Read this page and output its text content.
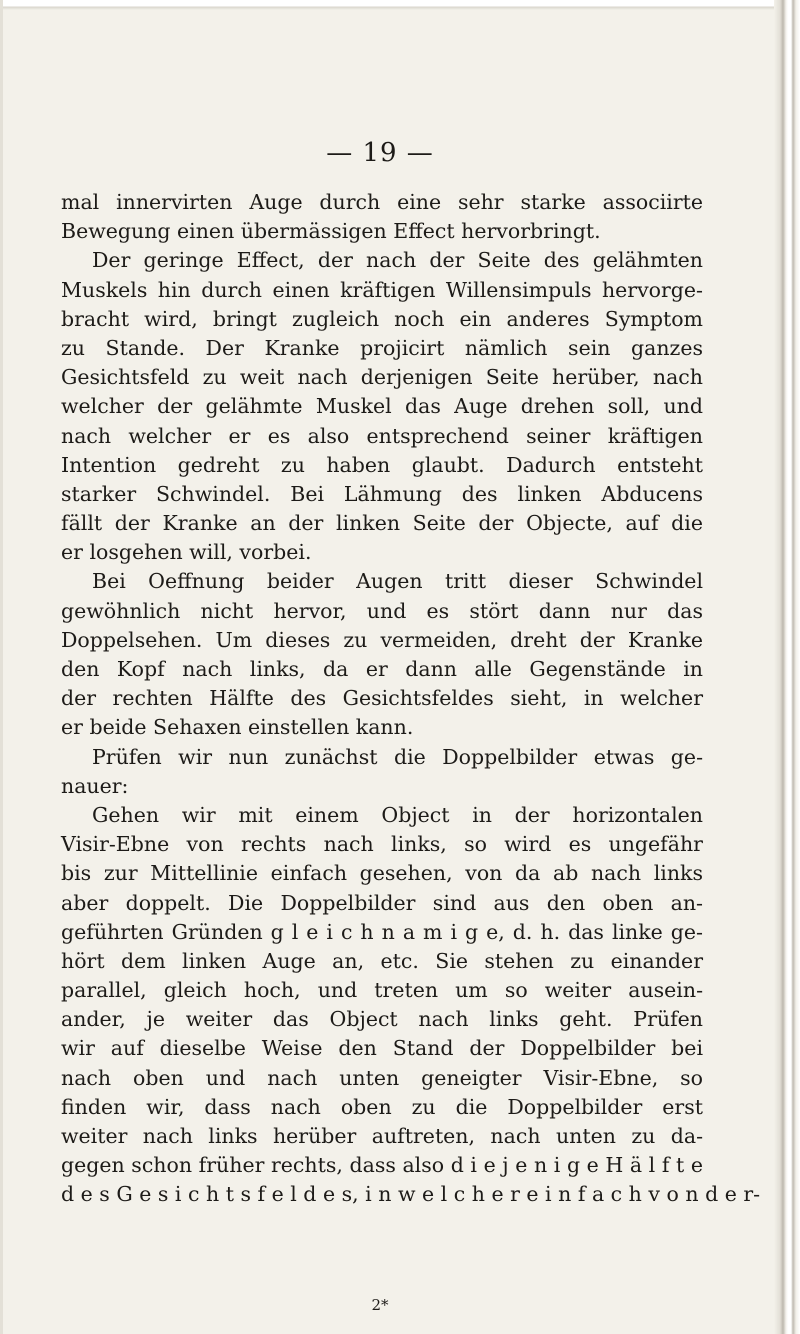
— 19 —

mal innervirten Auge durch eine sehr starke associirte
Bewegung einen übermässigen Effect hervorbringt.
Der geringe Effect, der nach der Seite des gelähmten
Muskels hin durch einen kräftigen Willensimpuls hervorge-
bracht wird, bringt zugleich noch ein anderes Symptom
zu Stande. Der Kranke projicirt nämlich sein ganzes
Gesichtsfeld zu weit nach derjenigen Seite herüber, nach
welcher der gelähmte Muskel das Auge drehen soll, und
nach welcher er es also entsprechend seiner kräftigen
Intention gedreht zu haben glaubt. Dadurch entsteht
starker Schwindel. Bei Lähmung des linken Abducens
fällt der Kranke an der linken Seite der Objecte, auf die
er losgehen will, vorbei.
Bei Oeffnung beider Augen tritt dieser Schwindel
gewöhnlich nicht hervor, und es stört dann nur das
Doppelsehen. Um dieses zu vermeiden, dreht der Kranke
den Kopf nach links, da er dann alle Gegenstände in
der rechten Hälfte des Gesichtsfeldes sieht, in welcher
er beide Sehaxen einstellen kann.
Prüfen wir nun zunächst die Doppelbilder etwas ge-
nauer:
Gehen wir mit einem Object in der horizontalen
Visir-Ebne von rechts nach links, so wird es ungefähr
bis zur Mittellinie einfach gesehen, von da ab nach links
aber doppelt. Die Doppelbilder sind aus den oben an-
geführten Gründen g l e i c h n a m i g e, d. h. das linke ge-
hört dem linken Auge an, etc. Sie stehen zu einander
parallel, gleich hoch, und treten um so weiter ausein-
ander, je weiter das Object nach links geht. Prüfen
wir auf dieselbe Weise den Stand der Doppelbilder bei
nach oben und nach unten geneigter Visir-Ebne, so
finden wir, dass nach oben zu die Doppelbilder erst
weiter nach links herüber auftreten, nach unten zu da-
gegen schon früher rechts, dass also d i e j e n i g e H ä l f t e
d e s G e s i c h t s f e l d e s, i n w e l c h e r e i n f a c h v o n d e r-

2*
